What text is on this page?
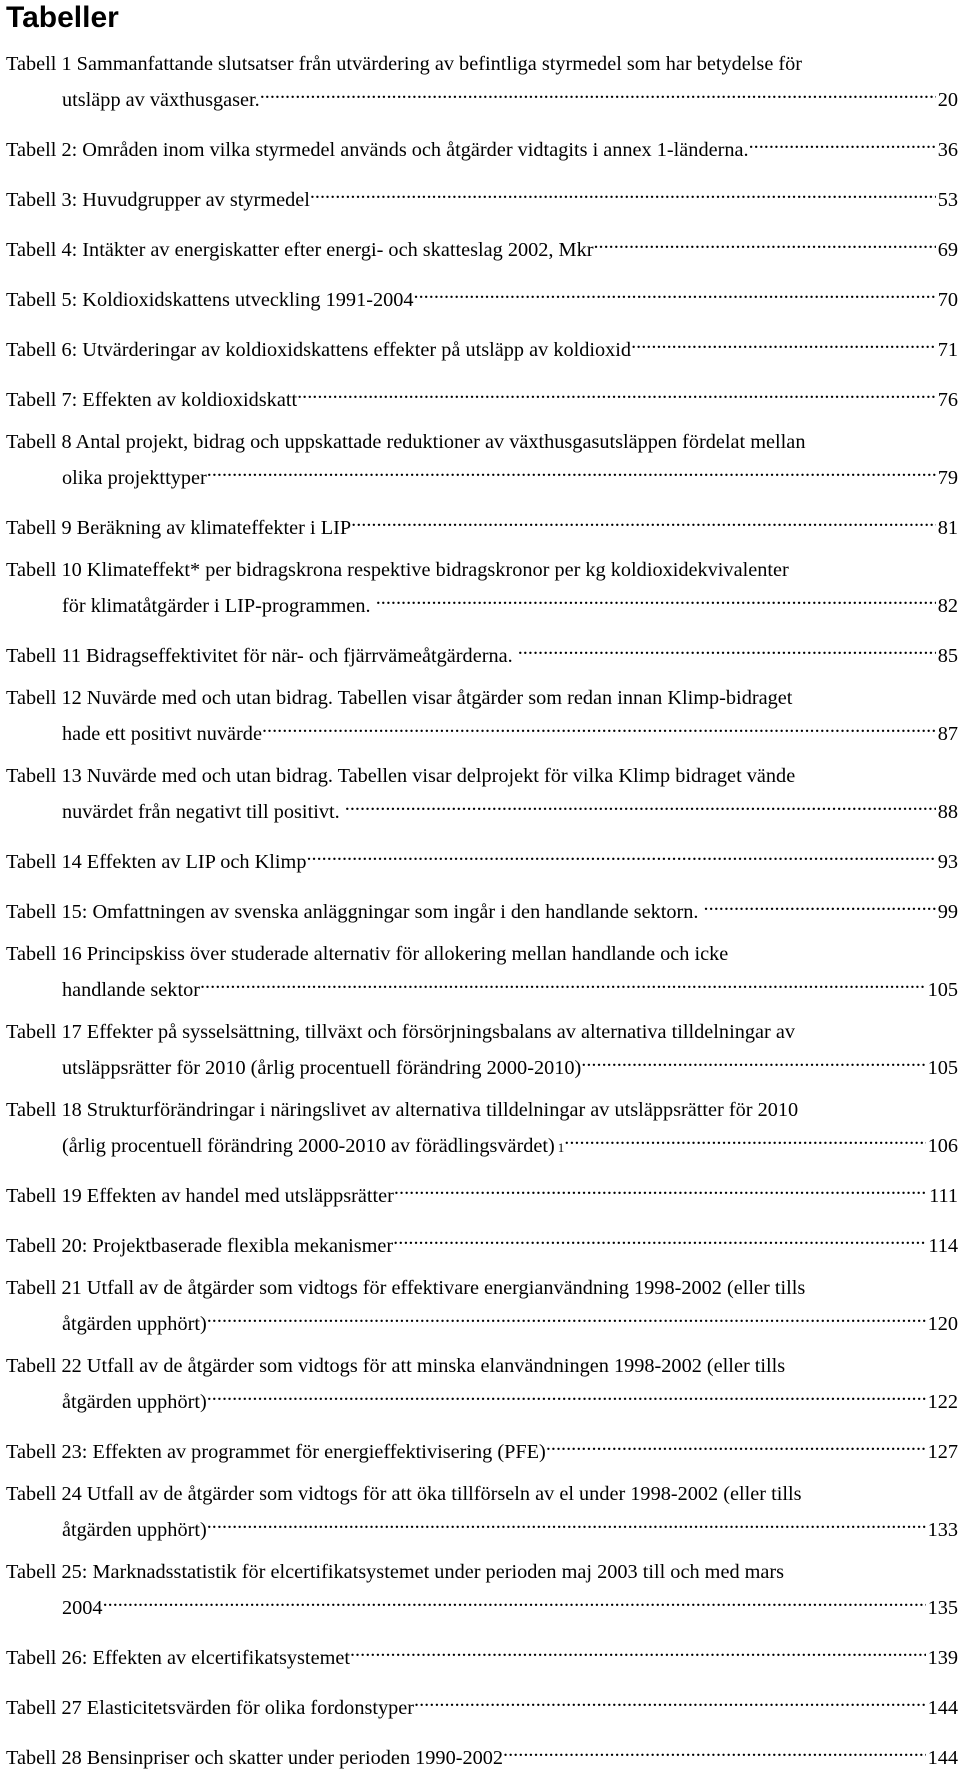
Tabeller
Tabell 1 Sammanfattande slutsatser från utvärdering av befintliga styrmedel som har betydelse för
utsläpp av växthusgaser. .....	20
Tabell 2: Områden inom vilka styrmedel används och åtgärder vidtagits i annex 1-länderna. .....	36
Tabell 3: Huvudgrupper av styrmedel .....	53
Tabell 4: Intäkter av energiskatter efter energi- och skatteslag 2002, Mkr .....	69
Tabell 5: Koldioxidskattens utveckling 1991-2004 .....	70
Tabell 6: Utvärderingar av koldioxidskattens effekter på utsläpp av koldioxid .....	71
Tabell 7: Effekten av koldioxidskatt .....	76
Tabell 8 Antal projekt, bidrag och uppskattade reduktioner av växthusgasutsläppen fördelat mellan
olika projekttyper .....	79
Tabell 9 Beräkning av klimateffekter i LIP .....	81
Tabell 10 Klimateffekt* per bidragskrona respektive bidragskronor per kg koldioxidekvivalenter
för klimatåtgärder i LIP-programmen. .....	82
Tabell 11 Bidragseffektivitet för när- och fjärrvämeåtgärderna. .....	85
Tabell 12 Nuvärde med och utan bidrag. Tabellen visar åtgärder som redan innan Klimp-bidraget
hade ett positivt nuvärde .....	87
Tabell 13 Nuvärde med och utan bidrag. Tabellen visar delprojekt för vilka Klimp bidraget vände
nuvärdet från negativt till positivt. .....	88
Tabell 14 Effekten av LIP och Klimp .....	93
Tabell 15: Omfattningen av svenska anläggningar som ingår i den handlande sektorn. .....	99
Tabell 16 Principskiss över studerade alternativ för allokering mellan handlande och icke
handlande sektor .....	105
Tabell 17 Effekter på sysselsättning, tillväxt och försörjningsbalans av alternativa tilldelningar av
utsläppsrätter för 2010 (årlig procentuell förändring 2000-2010) .....	105
Tabell 18 Strukturförändringar i näringslivet av alternativa tilldelningar av utsläppsrätter för 2010
(årlig procentuell förändring 2000-2010 av förädlingsvärdet) 1 .....	106
Tabell 19 Effekten av handel med utsläppsrätter .....	111
Tabell 20: Projektbaserade flexibla mekanismer .....	114
Tabell 21 Utfall av de åtgärder som vidtogs för effektivare energianvändning 1998-2002 (eller tills
åtgärden upphört) .....	120
Tabell 22 Utfall av de åtgärder som vidtogs för att minska elanvändningen 1998-2002 (eller tills
åtgärden upphört) .....	122
Tabell 23: Effekten av programmet för energieffektivisering (PFE) .....	127
Tabell 24 Utfall av de åtgärder som vidtogs för att öka tillförseln av el under 1998-2002 (eller tills
åtgärden upphört) .....	133
Tabell 25: Marknadsstatistik för elcertifikatsystemet under perioden maj 2003 till och med mars
2004 .....	135
Tabell 26: Effekten av elcertifikatsystemet .....	139
Tabell 27 Elasticitetsvärden för olika fordonstyper .....	144
Tabell 28 Bensinpriser och skatter under perioden 1990-2002 .....	144
